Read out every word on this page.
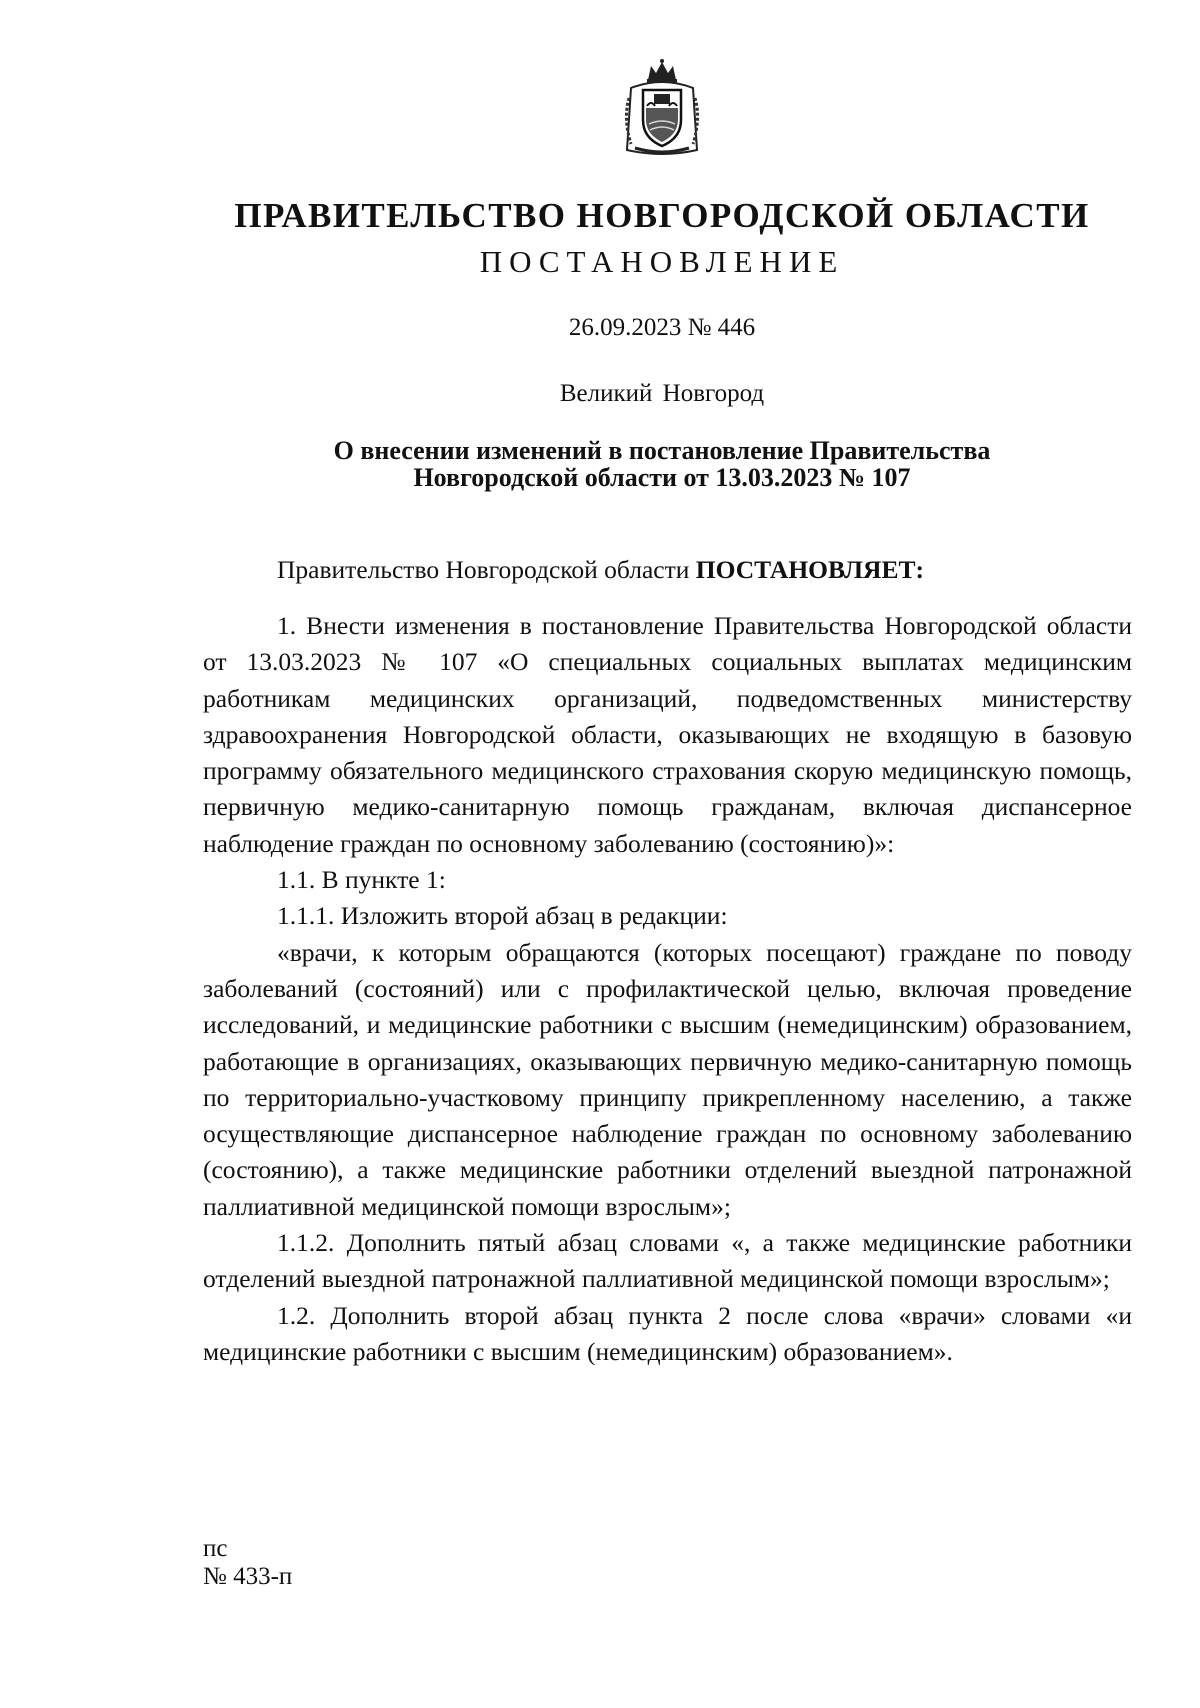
ПРАВИТЕЛЬСТВО НОВГОРОДСКОЙ ОБЛАСТИ
ПОСТАНОВЛЕНИЕ
26.09.2023 № 446
Великий Новгород
О внесении изменений в постановление Правительства
Новгородской области от 13.03.2023 № 107
Правительство Новгородской области ПОСТАНОВЛЯЕТ:

1. Внести изменения в постановление Правительства Новгородской области от 13.03.2023 № 107 «О специальных социальных выплатах медицинским работникам медицинских организаций, подведомственных министерству здравоохранения Новгородской области, оказывающих не входящую в базовую программу обязательного медицинского страхования скорую медицинскую помощь, первичную медико-санитарную помощь гражданам, включая диспансерное наблюдение граждан по основному заболеванию (состоянию)»:

1.1. В пункте 1:

1.1.1. Изложить второй абзац в редакции:

«врачи, к которым обращаются (которых посещают) граждане по поводу заболеваний (состояний) или с профилактической целью, включая проведение исследований, и медицинские работники с высшим (немедицинским) образованием, работающие в организациях, оказывающих первичную медико-санитарную помощь по территориально-участковому принципу прикрепленному населению, а также осуществляющие диспансерное наблюдение граждан по основному заболеванию (состоянию), а также медицинские работники отделений выездной патронажной паллиативной медицинской помощи взрослым»;

1.1.2. Дополнить пятый абзац словами «, а также медицинские работники отделений выездной патронажной паллиативной медицинской помощи взрослым»;

1.2. Дополнить второй абзац пункта 2 после слова «врачи» словами «и медицинские работники с высшим (немедицинским) образованием».

пс
№ 433-п
